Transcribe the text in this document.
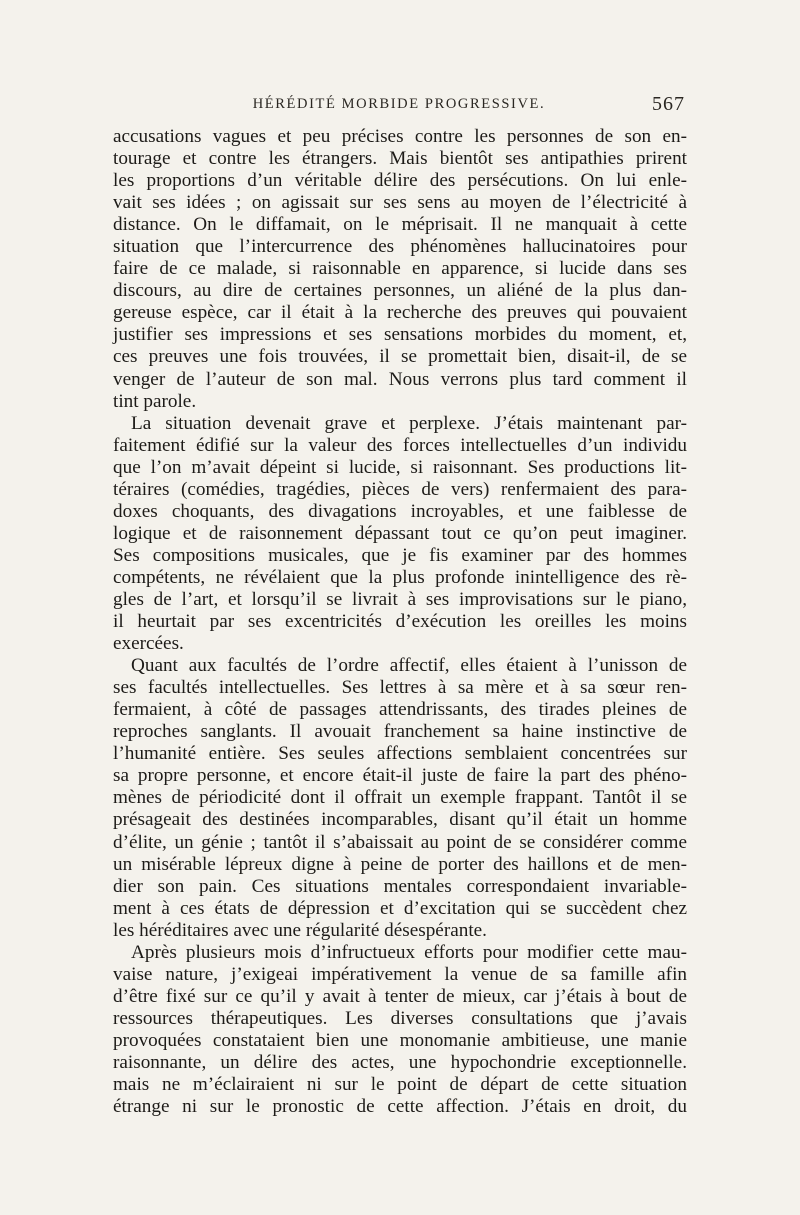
HÉRÉDITÉ MORBIDE PROGRESSIVE.	567
accusations vagues et peu précises contre les personnes de son en-
tourage et contre les étrangers. Mais bientôt ses antipathies prirent
les proportions d’un véritable délire des persécutions. On lui enle-
vait ses idées ; on agissait sur ses sens au moyen de l’électricité à
distance. On le diffamait, on le méprisait. Il ne manquait à cette
situation que l’intercurrence des phénomènes hallucinatoires pour
faire de ce malade, si raisonnable en apparence, si lucide dans ses
discours, au dire de certaines personnes, un aliéné de la plus dan-
gereuse espèce, car il était à la recherche des preuves qui pouvaient
justifier ses impressions et ses sensations morbides du moment, et,
ces preuves une fois trouvées, il se promettait bien, disait-il, de se
venger de l’auteur de son mal. Nous verrons plus tard comment il
tint parole.
La situation devenait grave et perplexe. J’étais maintenant par-
faitement édifié sur la valeur des forces intellectuelles d’un individu
que l’on m’avait dépeint si lucide, si raisonnant. Ses productions lit-
téraires (comédies, tragédies, pièces de vers) renfermaient des para-
doxes choquants, des divagations incroyables, et une faiblesse de
logique et de raisonnement dépassant tout ce qu’on peut imaginer.
Ses compositions musicales, que je fis examiner par des hommes
compétents, ne révélaient que la plus profonde inintelligence des rè-
gles de l’art, et lorsqu’il se livrait à ses improvisations sur le piano,
il heurtait par ses excentricités d’exécution les oreilles les moins
exercées.
Quant aux facultés de l’ordre affectif, elles étaient à l’unisson de
ses facultés intellectuelles. Ses lettres à sa mère et à sa sœur ren-
fermaient, à côté de passages attendrissants, des tirades pleines de
reproches sanglants. Il avouait franchement sa haine instinctive de
l’humanité entière. Ses seules affections semblaient concentrées sur
sa propre personne, et encore était-il juste de faire la part des phéno-
mènes de périodicité dont il offrait un exemple frappant. Tantôt il se
présageait des destinées incomparables, disant qu’il était un homme
d’élite, un génie ; tantôt il s’abaissait au point de se considérer comme
un misérable lépreux digne à peine de porter des haillons et de men-
dier son pain. Ces situations mentales correspondaient invariable-
ment à ces états de dépression et d’excitation qui se succèdent chez
les héréditaires avec une régularité désespérante.
Après plusieurs mois d’infructueux efforts pour modifier cette mau-
vaise nature, j’exigeai impérativement la venue de sa famille afin
d’être fixé sur ce qu’il y avait à tenter de mieux, car j’étais à bout de
ressources thérapeutiques. Les diverses consultations que j’avais
provoquées constataient bien une monomanie ambitieuse, une manie
raisonnante, un délire des actes, une hypochondrie exceptionnelle.
mais ne m’éclairaient ni sur le point de départ de cette situation
étrange ni sur le pronostic de cette affection. J’étais en droit, du
